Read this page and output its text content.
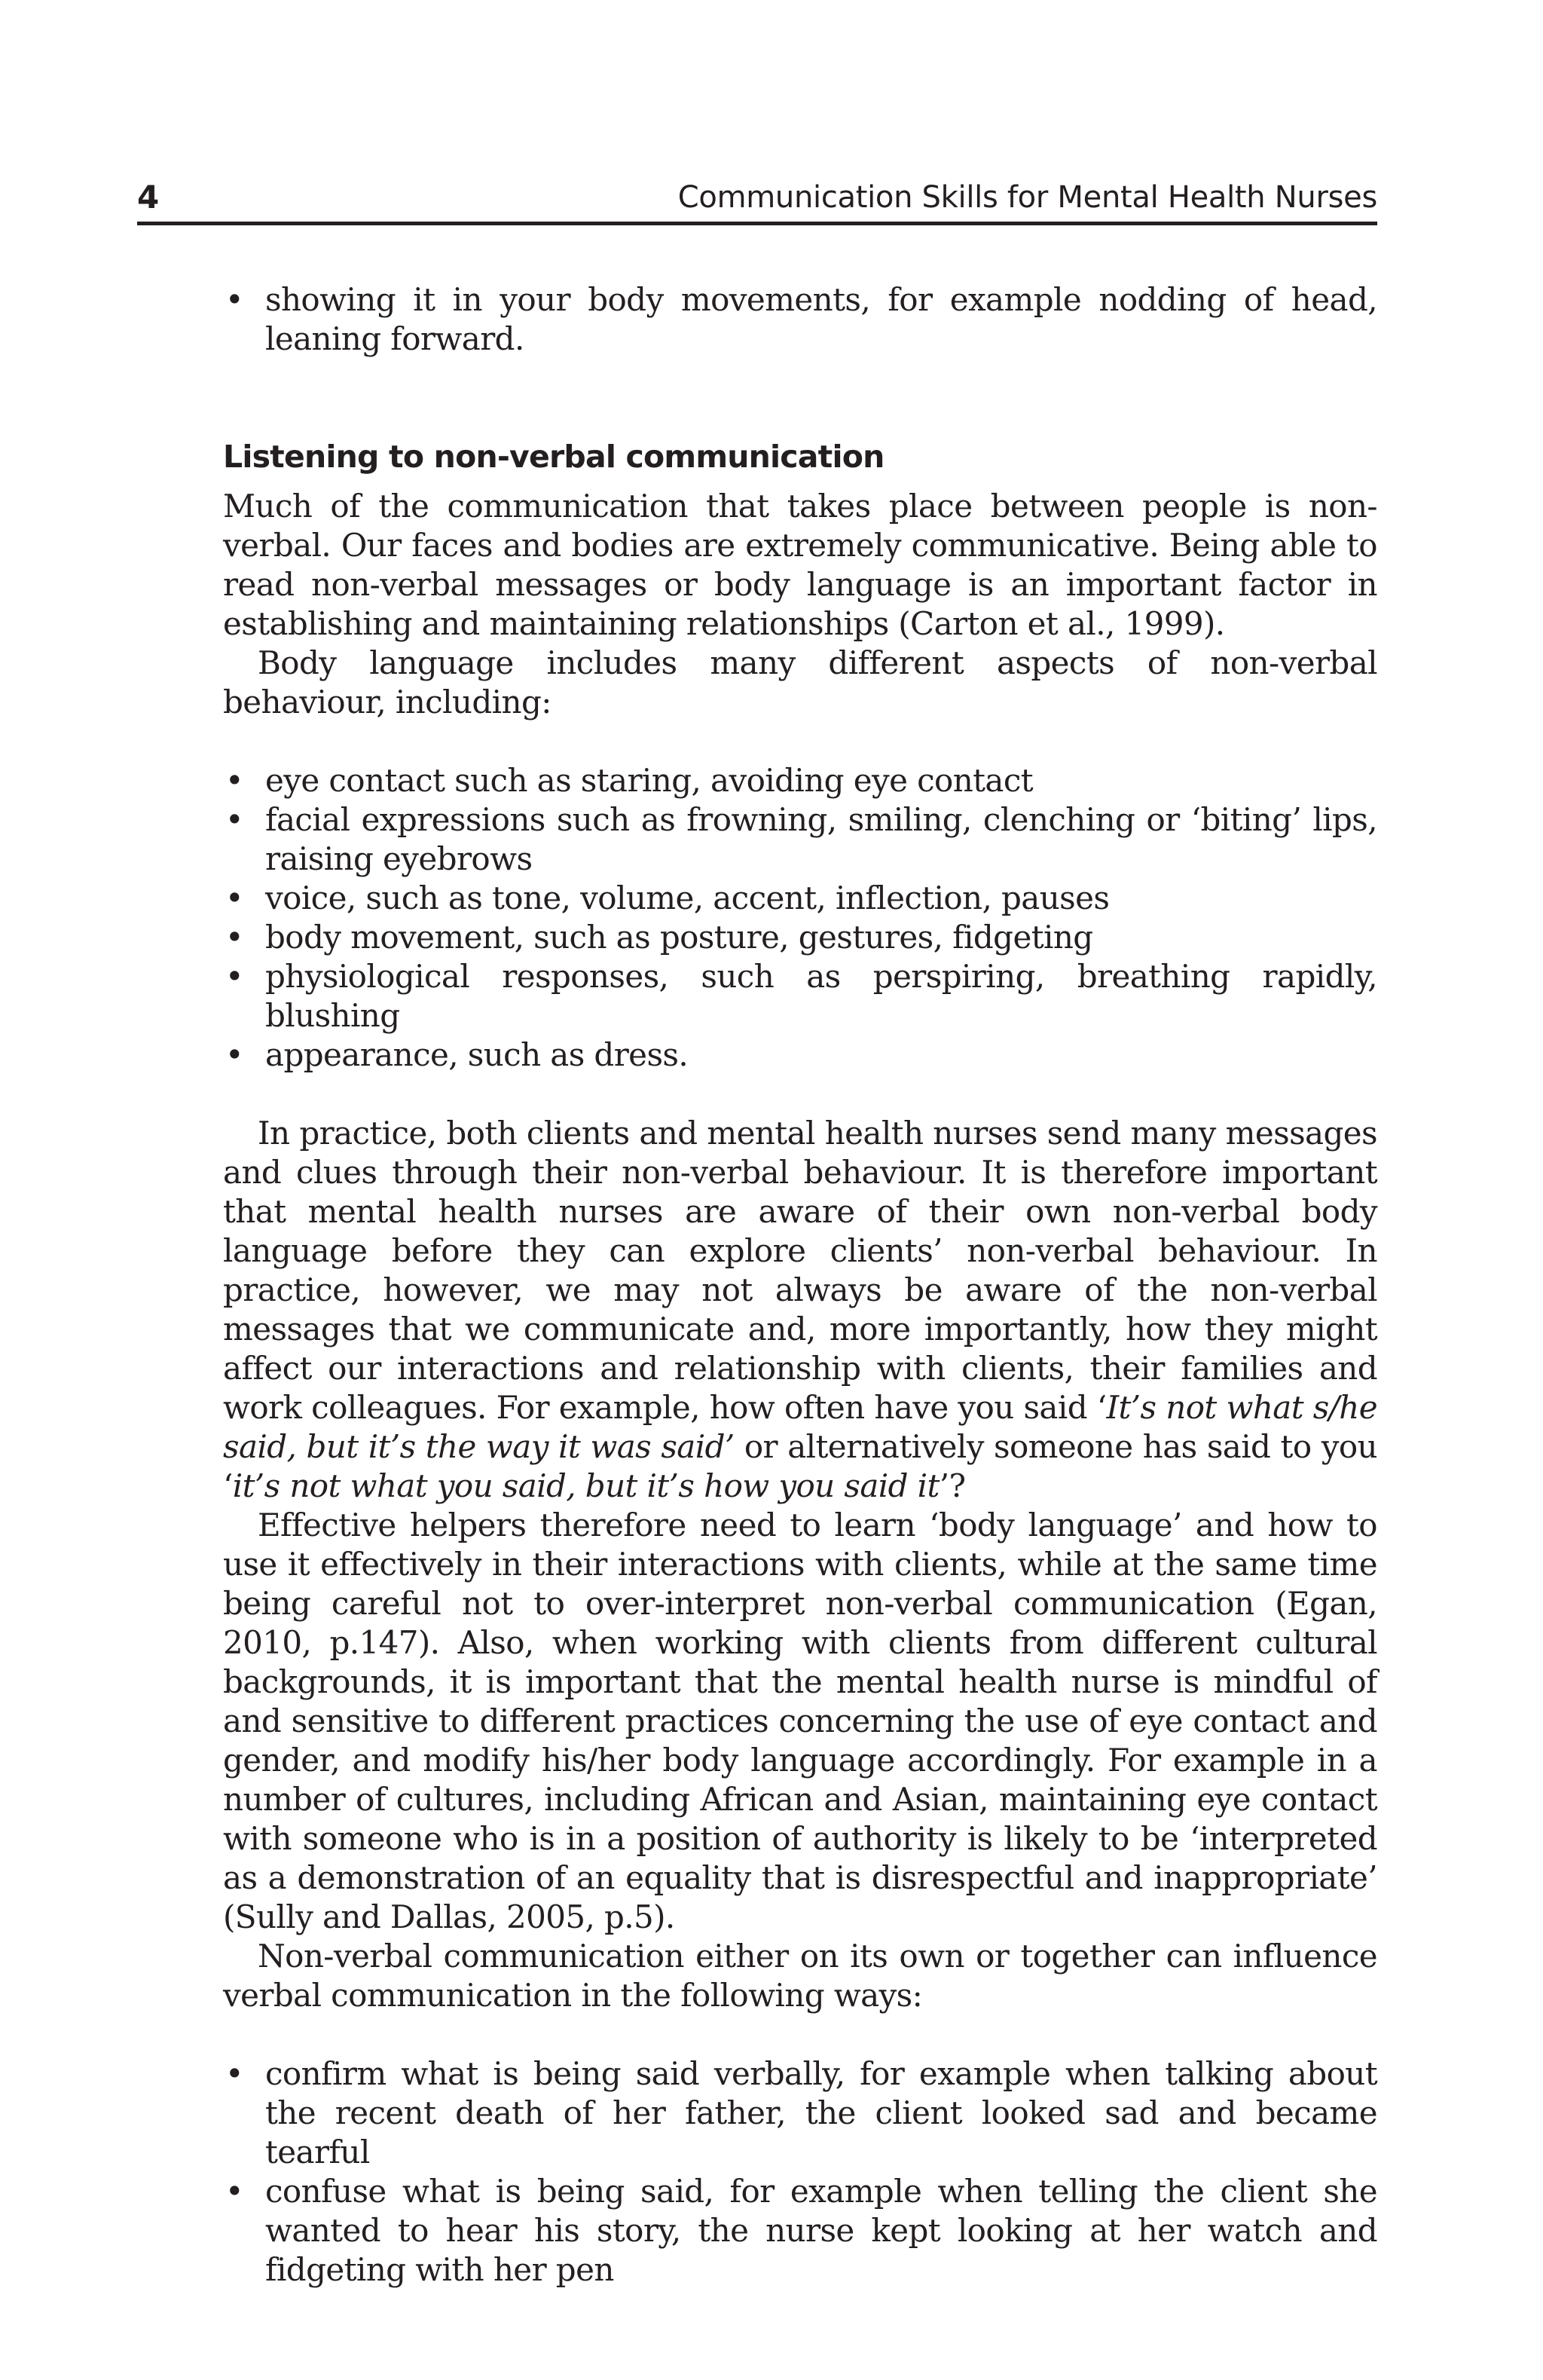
4	Communication Skills for Mental Health Nurses
• showing it in your body movements, for example nodding of head, leaning forward.
Listening to non-verbal communication

Much of the communication that takes place between people is non-verbal. Our faces and bodies are extremely communicative. Being able to read non-verbal messages or body language is an important factor in establishing and maintaining relationships (Carton et al., 1999).

Body language includes many different aspects of non-verbal behaviour, including:

• eye contact such as staring, avoiding eye contact
• facial expressions such as frowning, smiling, clenching or ‘biting’ lips, raising eyebrows
• voice, such as tone, volume, accent, inflection, pauses
• body movement, such as posture, gestures, fidgeting
• physiological responses, such as perspiring, breathing rapidly, blushing
• appearance, such as dress.

In practice, both clients and mental health nurses send many messages and clues through their non-verbal behaviour. It is therefore important that mental health nurses are aware of their own non-verbal body language before they can explore clients’ non-verbal behaviour. In practice, however, we may not always be aware of the non-verbal messages that we communicate and, more importantly, how they might affect our interactions and relationship with clients, their families and work colleagues. For example, how often have you said ‘It’s not what s/he said, but it’s the way it was said’ or alternatively someone has said to you ‘it’s not what you said, but it’s how you said it’?

Effective helpers therefore need to learn ‘body language’ and how to use it effectively in their interactions with clients, while at the same time being careful not to over-interpret non-verbal communication (Egan, 2010, p.147). Also, when working with clients from different cultural backgrounds, it is important that the mental health nurse is mindful of and sensitive to different practices concerning the use of eye contact and gender, and modify his/her body language accordingly. For example in a number of cultures, including African and Asian, maintaining eye contact with someone who is in a position of authority is likely to be ‘interpreted as a demonstration of an equality that is disrespectful and inappropriate’ (Sully and Dallas, 2005, p.5).

Non-verbal communication either on its own or together can influence verbal communication in the following ways:

• confirm what is being said verbally, for example when talking about the recent death of her father, the client looked sad and became tearful
• confuse what is being said, for example when telling the client she wanted to hear his story, the nurse kept looking at her watch and fidgeting with her pen
